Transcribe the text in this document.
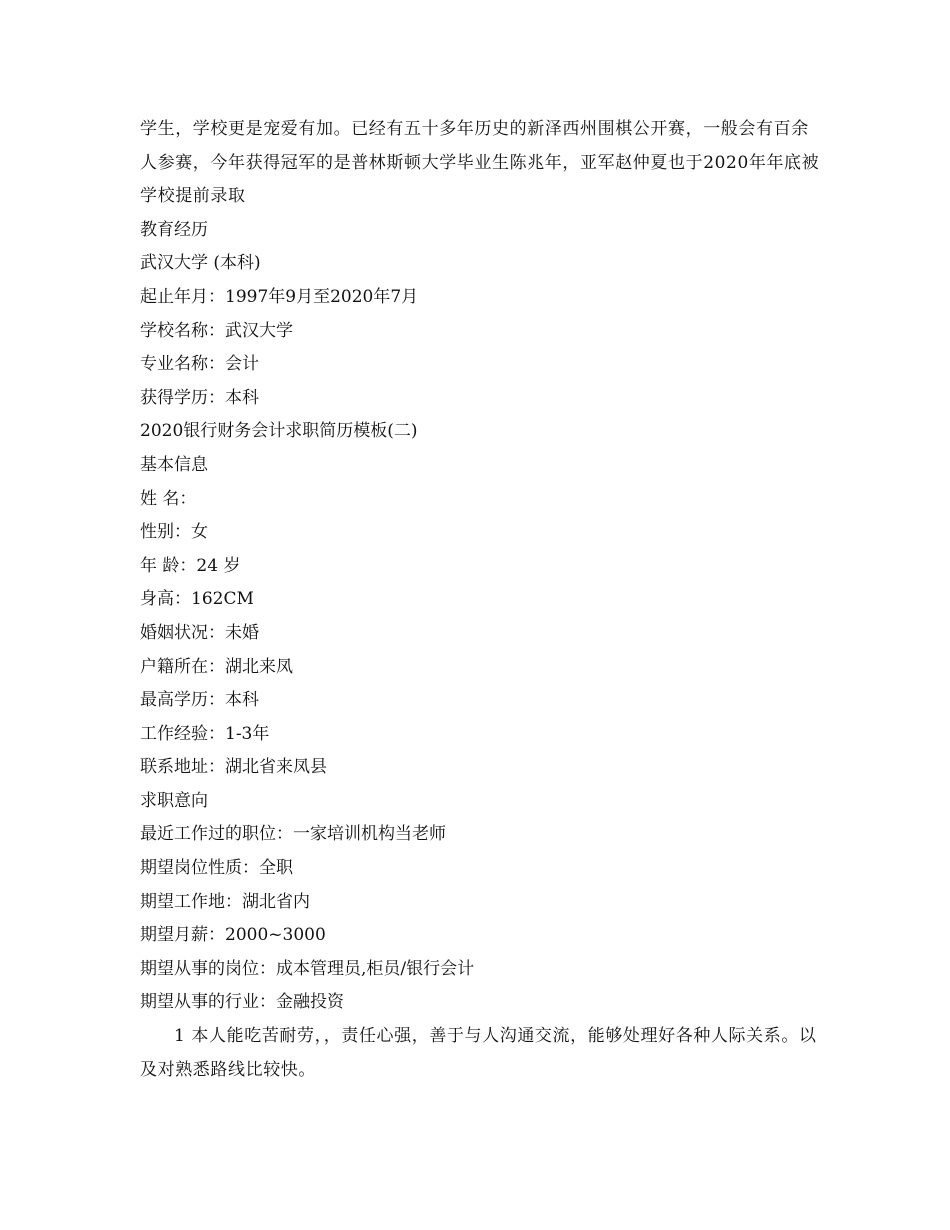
学生，学校更是宠爱有加。已经有五十多年历史的新泽西州围棋公开赛，一般会有百余人参赛，今年获得冠军的是普林斯顿大学毕业生陈兆年，亚军赵仲夏也于2020年年底被学校提前录取

教育经历

武汉大学 (本科)

起止年月：1997年9月至2020年7月

学校名称：武汉大学

专业名称：会计

获得学历：本科

2020银行财务会计求职简历模板(二)

基本信息

姓 名：

性别：女

年 龄：24 岁

身高：162CM

婚姻状况：未婚

户籍所在：湖北来凤

最高学历：本科

工作经验：1-3年

联系地址：湖北省来凤县

求职意向

最近工作过的职位：一家培训机构当老师

期望岗位性质：全职

期望工作地：湖北省内

期望月薪：2000~3000

期望从事的岗位：成本管理员,柜员/银行会计

期望从事的行业：金融投资

1 本人能吃苦耐劳，，责任心强，善于与人沟通交流，能够处理好各种人际关系。以及对熟悉路线比较快。
